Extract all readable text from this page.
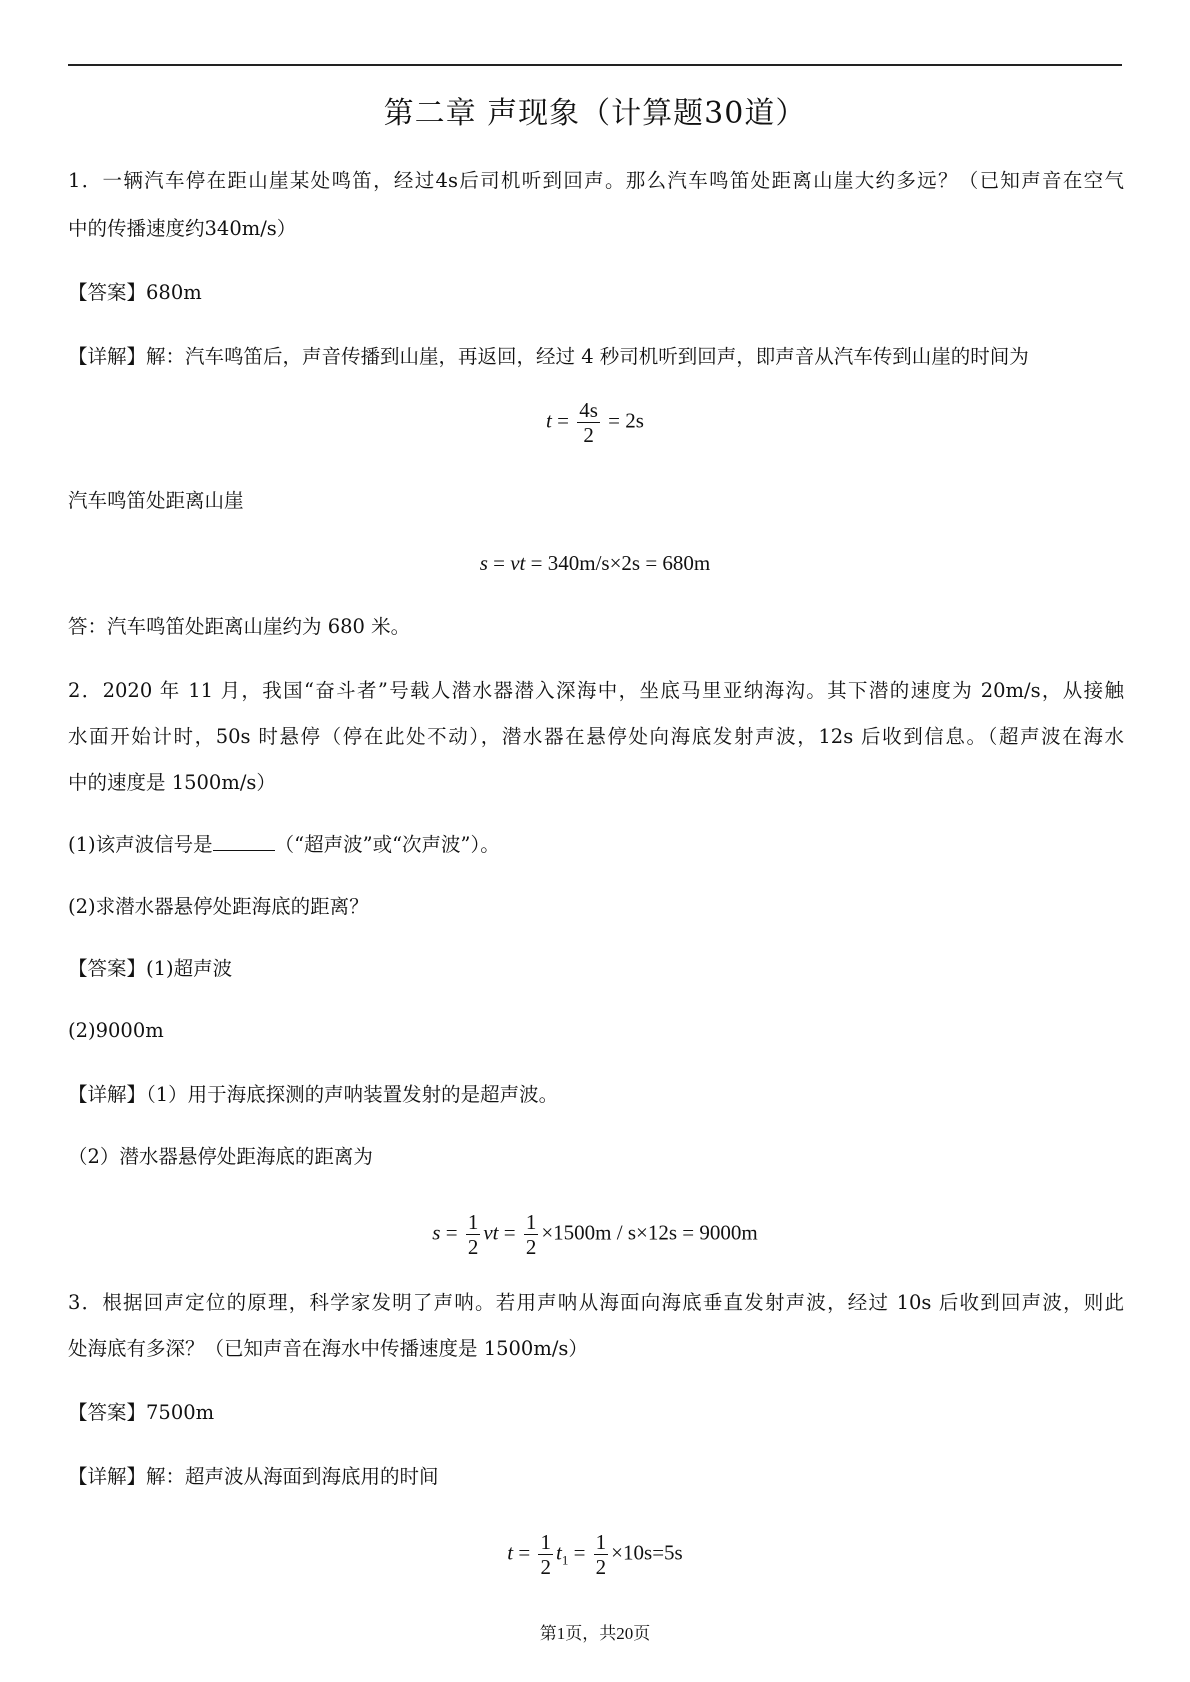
第二章 声现象（计算题30道）
1．一辆汽车停在距山崖某处鸣笛，经过4s后司机听到回声。那么汽车鸣笛处距离山崖大约多远？（已知声音在空气
中的传播速度约340m/s）
【答案】680m
【详解】解：汽车鸣笛后，声音传播到山崖，再返回，经过 4 秒司机听到回声，即声音从汽车传到山崖的时间为
$t = \frac{4s}{2} = 2s$
汽车鸣笛处距离山崖
s = vt = 340m/s×2s = 680m
答：汽车鸣笛处距离山崖约为 680 米。
2．2020 年 11 月，我国“奋斗者”号载人潜水器潜入深海中，坐底马里亚纳海沟。其下潜的速度为 20m/s，从接触
水面开始计时，50s 时悬停（停在此处不动），潜水器在悬停处向海底发射声波，12s 后收到信息。（超声波在海水
中的速度是 1500m/s）
(1)该声波信号是	（“超声波”或“次声波”）。
(2)求潜水器悬停处距海底的距离？
【答案】(1)超声波
(2)9000m
【详解】（1）用于海底探测的声呐装置发射的是超声波。
（2）潜水器悬停处距海底的距离为
$s = \frac{1}{2}$ vt = $\frac{1}{2} \times 1500m / s\times 12s = 9000m$
3．根据回声定位的原理，科学家发明了声呐。若用声呐从海面向海底垂直发射声波，经过 10s 后收到回声波，则此
处海底有多深？（已知声音在海水中传播速度是 1500m/s）
【答案】7500m
【详解】解：超声波从海面到海底用的时间
$t = \frac{1}{2} t_1 = \frac{1}{2} \times 10s=5s$
第1页，共20页
